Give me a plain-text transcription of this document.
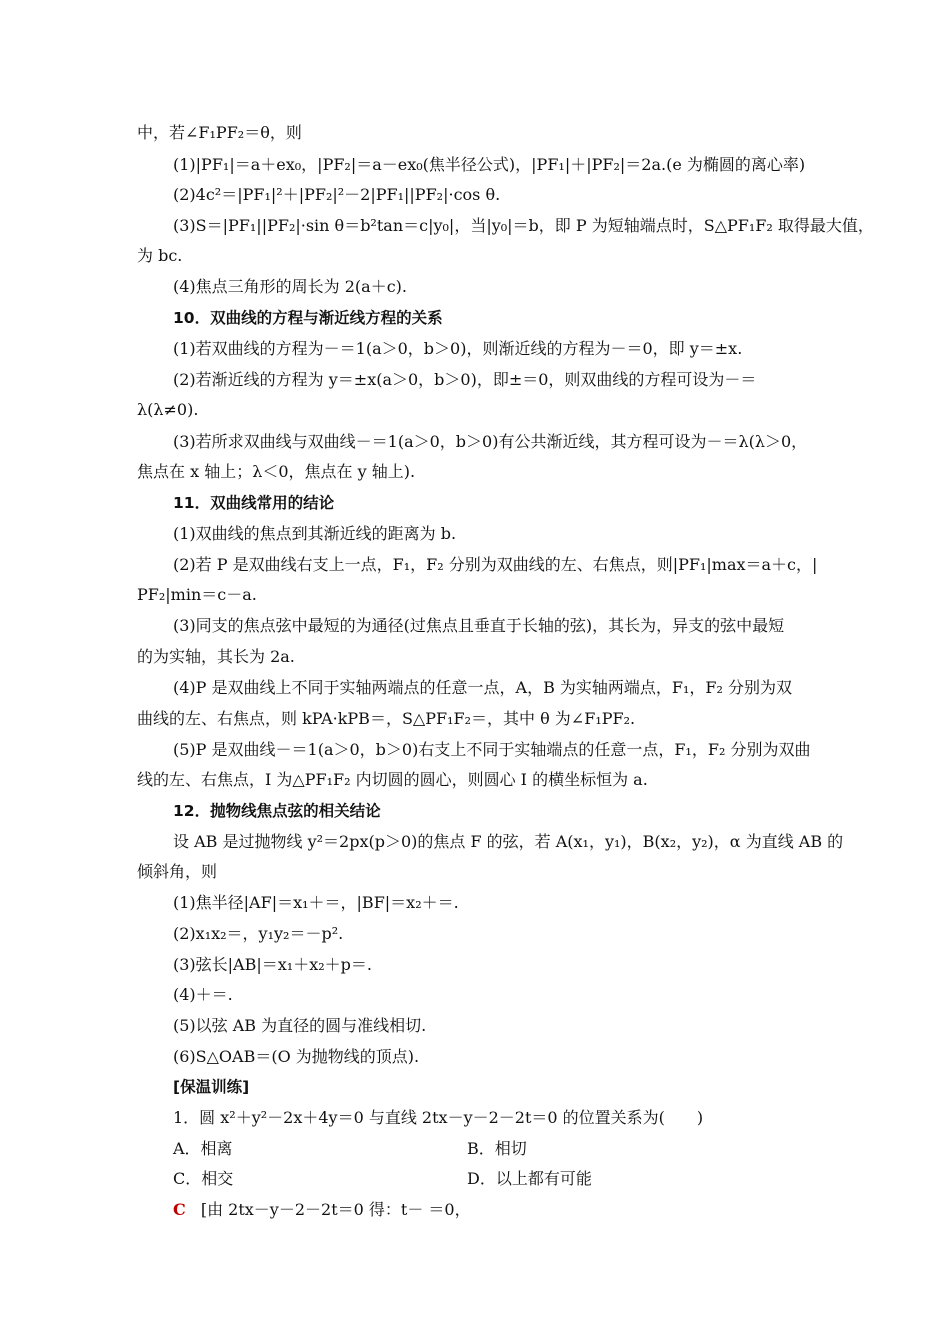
中，若∠F₁PF₂＝θ，则
(1)|PF₁|＝a＋ex₀，|PF₂|＝a－ex₀(焦半径公式)，|PF₁|＋|PF₂|＝2a.(e 为椭圆的离心率)
(2)4c²＝|PF₁|²＋|PF₂|²－2|PF₁||PF₂|·cos θ.
(3)S＝|PF₁||PF₂|·sin θ＝b²tan＝c|y₀|，当|y₀|＝b，即 P 为短轴端点时，S△PF₁F₂ 取得最大值，
为 bc.
(4)焦点三角形的周长为 2(a＋c).
10．双曲线的方程与渐近线方程的关系
(1)若双曲线的方程为－＝1(a＞0，b＞0)，则渐近线的方程为－＝0，即 y＝±x.
(2)若渐近线的方程为 y＝±x(a＞0，b＞0)，即±＝0，则双曲线的方程可设为－＝
λ(λ≠0).
(3)若所求双曲线与双曲线－＝1(a＞0，b＞0)有公共渐近线，其方程可设为－＝λ(λ＞0，
焦点在 x 轴上；λ＜0，焦点在 y 轴上).
11．双曲线常用的结论
(1)双曲线的焦点到其渐近线的距离为 b.
(2)若 P 是双曲线右支上一点，F₁，F₂ 分别为双曲线的左、右焦点，则|PF₁|max＝a＋c，|
PF₂|min＝c－a.
(3)同支的焦点弦中最短的为通径(过焦点且垂直于长轴的弦)，其长为，异支的弦中最短
的为实轴，其长为 2a.
(4)P 是双曲线上不同于实轴两端点的任意一点，A，B 为实轴两端点，F₁，F₂ 分别为双
曲线的左、右焦点，则 kPA·kPB＝，S△PF₁F₂＝，其中 θ 为∠F₁PF₂.
(5)P 是双曲线－＝1(a＞0，b＞0)右支上不同于实轴端点的任意一点，F₁，F₂ 分别为双曲
线的左、右焦点，I 为△PF₁F₂ 内切圆的圆心，则圆心 I 的横坐标恒为 a.
12．抛物线焦点弦的相关结论
设 AB 是过抛物线 y²＝2px(p＞0)的焦点 F 的弦，若 A(x₁，y₁)，B(x₂，y₂)，α 为直线 AB 的
倾斜角，则
(1)焦半径|AF|＝x₁＋＝，|BF|＝x₂＋＝.
(2)x₁x₂＝，y₁y₂＝－p².
(3)弦长|AB|＝x₁＋x₂＋p＝.
(4)＋＝.
(5)以弦 AB 为直径的圆与准线相切.
(6)S△OAB＝(O 为抛物线的顶点).
[保温训练]
1．圆 x²＋y²－2x＋4y＝0 与直线 2tx－y－2－2t＝0 的位置关系为(　　)
A．相离	B．相切
C．相交	D．以上都有可能
C [由 2tx－y－2－2t＝0 得：t－ ＝0，
